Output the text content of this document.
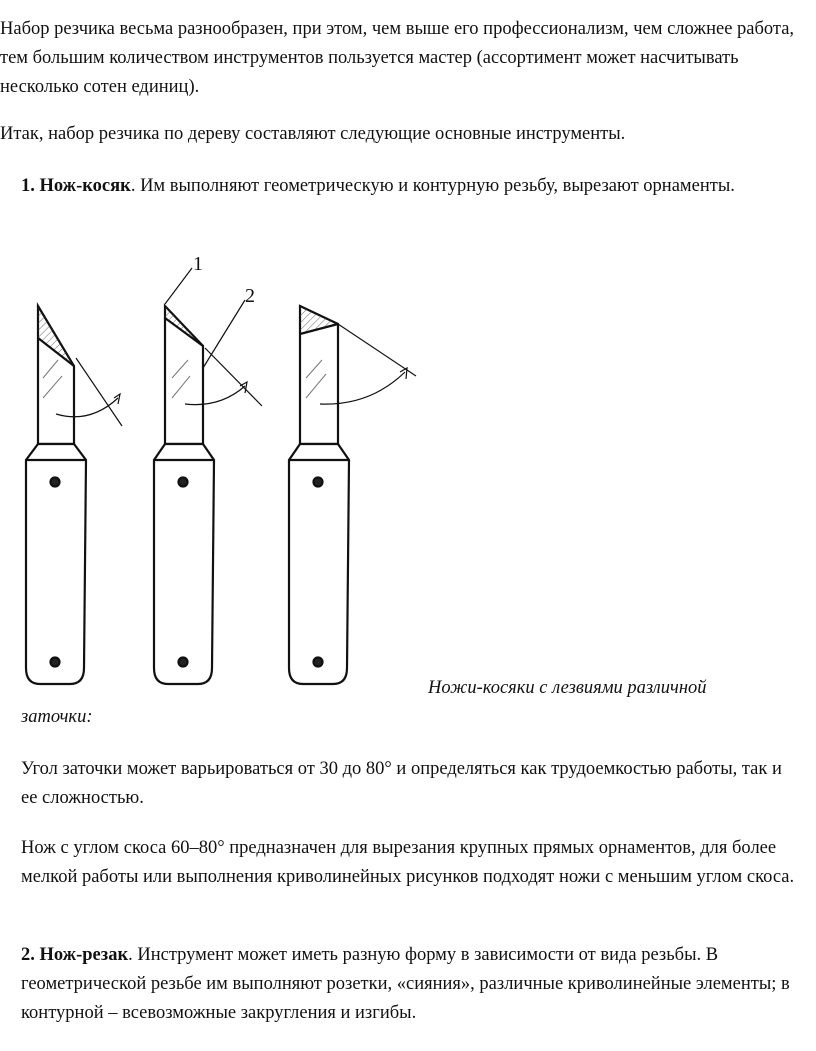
Набор резчика весьма разнообразен, при этом, чем выше его профессионализм, чем сложнее работа, тем большим количеством инструментов пользуется мастер (ассортимент может насчитывать несколько сотен единиц).

Итак, набор резчика по дереву составляют следующие основные инструменты.

1. Нож-косяк. Им выполняют геометрическую и контурную резьбу, вырезают орнаменты.

1
2
Ножи-косяки с лезвиями различной
заточки:

Угол заточки может варьироваться от 30 до 80° и определяться как трудоемкостью работы, так и ее сложностью.

Нож с углом скоса 60–80° предназначен для вырезания крупных прямых орнаментов, для более мелкой работы или выполнения криволинейных рисунков подходят ножи с меньшим углом скоса.

2. Нож-резак. Инструмент может иметь разную форму в зависимости от вида резьбы. В геометрической резьбе им выполняют розетки, «сияния», различные криволинейные элементы; в контурной – всевозможные закругления и изгибы.
